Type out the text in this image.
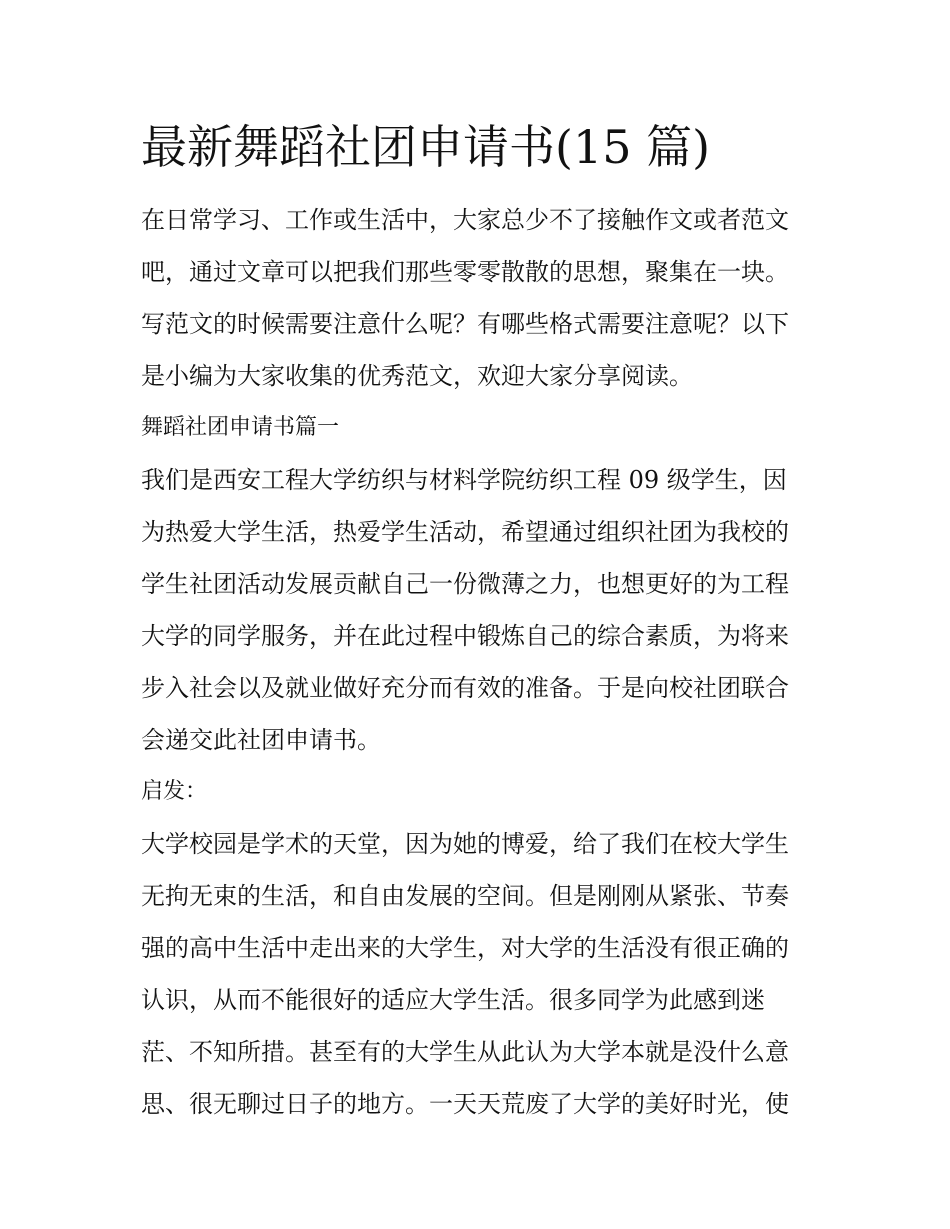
最新舞蹈社团申请书(15 篇)
在日常学习、工作或生活中，大家总少不了接触作文或者范文
吧，通过文章可以把我们那些零零散散的思想，聚集在一块。
写范文的时候需要注意什么呢？有哪些格式需要注意呢？以下
是小编为大家收集的优秀范文，欢迎大家分享阅读。
舞蹈社团申请书篇一
我们是西安工程大学纺织与材料学院纺织工程 09 级学生，因
为热爱大学生活，热爱学生活动，希望通过组织社团为我校的
学生社团活动发展贡献自己一份微薄之力，也想更好的为工程
大学的同学服务，并在此过程中锻炼自己的综合素质，为将来
步入社会以及就业做好充分而有效的准备。于是向校社团联合
会递交此社团申请书。
启发：
大学校园是学术的天堂，因为她的博爱，给了我们在校大学生
无拘无束的生活，和自由发展的空间。但是刚刚从紧张、节奏
强的高中生活中走出来的大学生，对大学的生活没有很正确的
认识，从而不能很好的适应大学生活。很多同学为此感到迷
茫、不知所措。甚至有的大学生从此认为大学本就是没什么意
思、很无聊过日子的地方。一天天荒废了大学的美好时光，使
